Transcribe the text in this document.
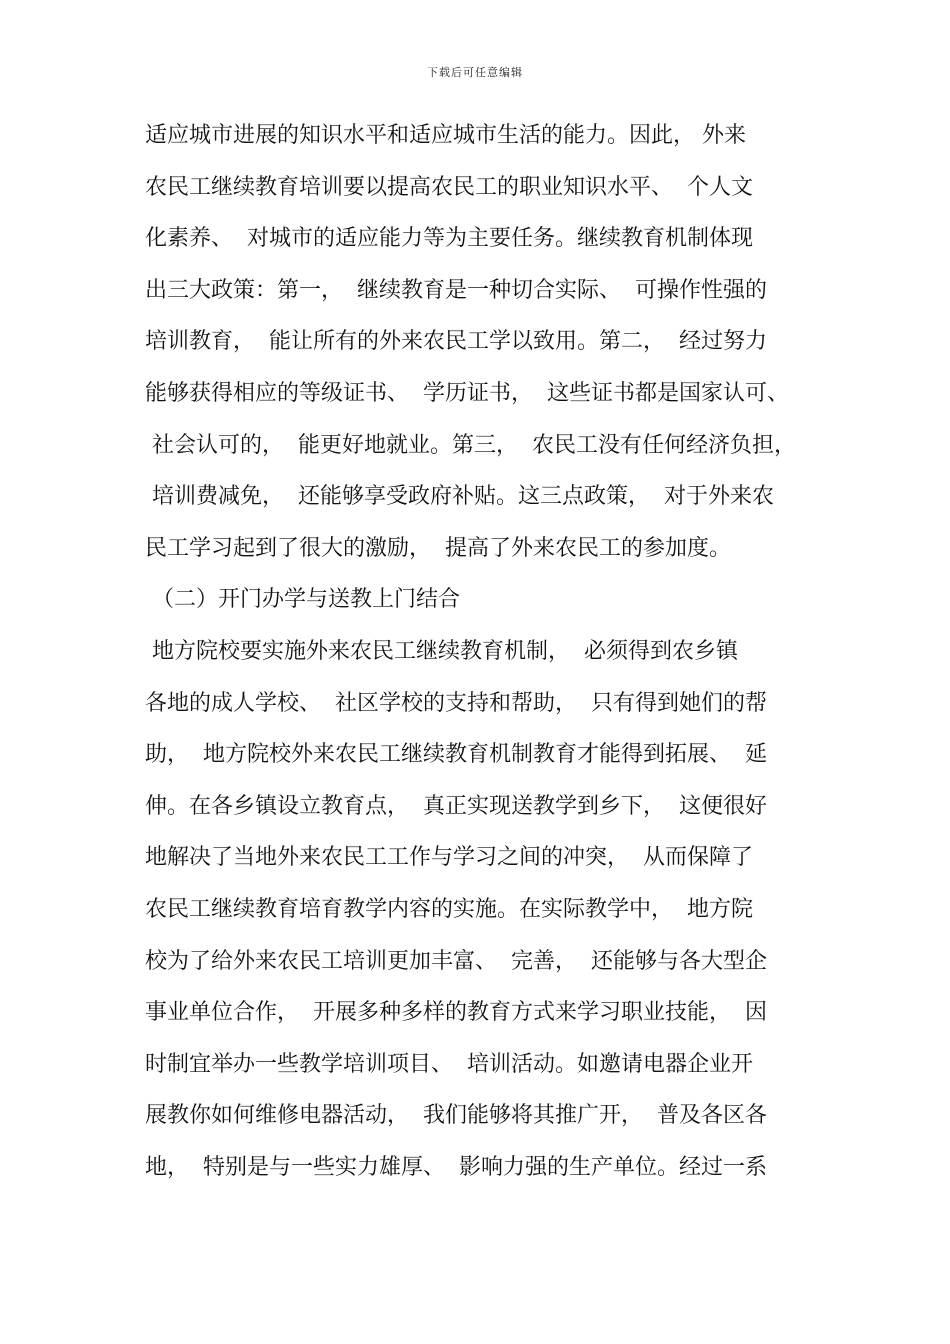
下载后可任意编辑
适应城市进展的知识水平和适应城市生活的能力。因此， 外来
农民工继续教育培训要以提高农民工的职业知识水平、  个人文
化素养、  对城市的适应能力等为主要任务。继续教育机制体现
出三大政策：第一，  继续教育是一种切合实际、  可操作性强的
培训教育，  能让所有的外来农民工学以致用。第二，  经过努力
能够获得相应的等级证书、  学历证书，  这些证书都是国家认可、
社会认可的，  能更好地就业。第三，  农民工没有任何经济负担，
培训费减免，  还能够享受政府补贴。这三点政策，  对于外来农
民工学习起到了很大的激励，  提高了外来农民工的参加度。
（二）开门办学与送教上门结合
地方院校要实施外来农民工继续教育机制，  必须得到农乡镇
各地的成人学校、  社区学校的支持和帮助，  只有得到她们的帮
助，  地方院校外来农民工继续教育机制教育才能得到拓展、  延
伸。在各乡镇设立教育点，  真正实现送教学到乡下，  这便很好
地解决了当地外来农民工工作与学习之间的冲突，  从而保障了
农民工继续教育培育教学内容的实施。在实际教学中，  地方院
校为了给外来农民工培训更加丰富、  完善，  还能够与各大型企
事业单位合作，  开展多种多样的教育方式来学习职业技能，  因
时制宜举办一些教学培训项目、  培训活动。如邀请电器企业开
展教你如何维修电器活动，  我们能够将其推广开，  普及各区各
地，  特别是与一些实力雄厚、  影响力强的生产单位。经过一系
